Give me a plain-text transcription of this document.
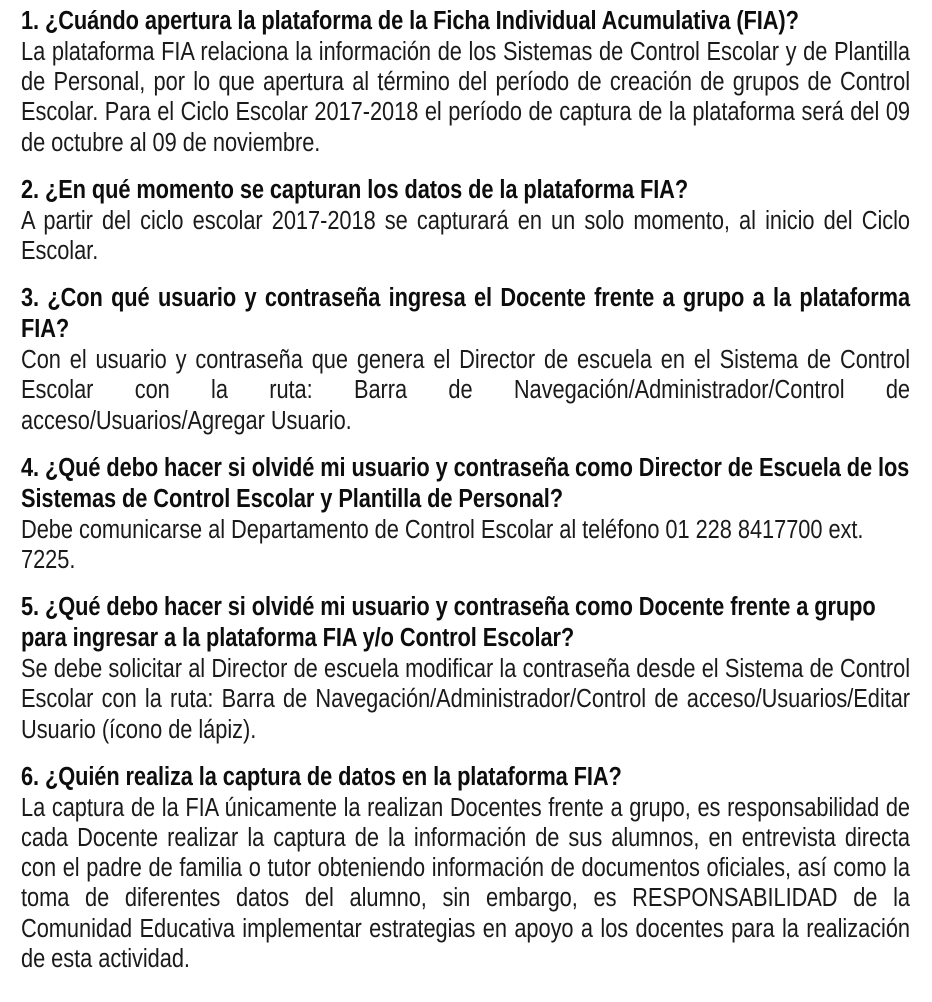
1. ¿Cuándo apertura la plataforma de la Ficha Individual Acumulativa (FIA)?

La plataforma FIA relaciona la información de los Sistemas de Control Escolar y de Plantilla de Personal, por lo que apertura al término del período de creación de grupos de Control Escolar. Para el Ciclo Escolar 2017-2018 el período de captura de la plataforma será del 09 de octubre al 09 de noviembre.

2. ¿En qué momento se capturan los datos de la plataforma FIA?

A partir del ciclo escolar 2017-2018 se capturará en un solo momento, al inicio del Ciclo Escolar.

3. ¿Con qué usuario y contraseña ingresa el Docente frente a grupo a la plataforma FIA?

Con el usuario y contraseña que genera el Director de escuela en el Sistema de Control Escolar con la ruta: Barra de Navegación/Administrador/Control de acceso/Usuarios/Agregar Usuario.

4. ¿Qué debo hacer si olvidé mi usuario y contraseña como Director de Escuela de los Sistemas de Control Escolar y Plantilla de Personal?

Debe comunicarse al Departamento de Control Escolar al teléfono 01 228 8417700 ext. 7225.

5. ¿Qué debo hacer si olvidé mi usuario y contraseña como Docente frente a grupo para ingresar a la plataforma FIA y/o Control Escolar?

Se debe solicitar al Director de escuela modificar la contraseña desde el Sistema de Control Escolar con la ruta: Barra de Navegación/Administrador/Control de acceso/Usuarios/Editar Usuario (ícono de lápiz).

6. ¿Quién realiza la captura de datos en la plataforma FIA?

La captura de la FIA únicamente la realizan Docentes frente a grupo, es responsabilidad de cada Docente realizar la captura de la información de sus alumnos, en entrevista directa con el padre de familia o tutor obteniendo información de documentos oficiales, así como la toma de diferentes datos del alumno, sin embargo, es RESPONSABILIDAD de la Comunidad Educativa implementar estrategias en apoyo a los docentes para la realización de esta actividad.
